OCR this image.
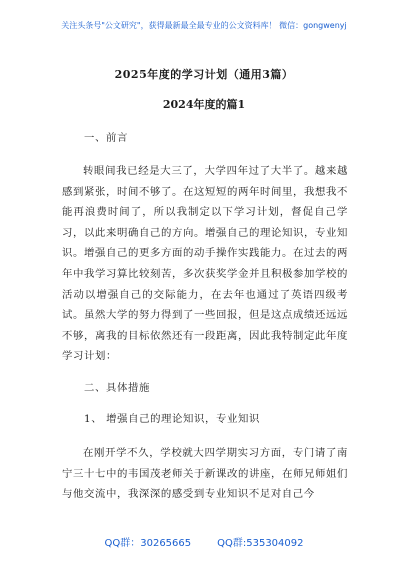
关注头条号"公文研究"，获得最新最全最专业的公文资料库！ 微信：gongwenyj
2025年度的学习计划（通用3篇）
2024年度的篇1
一、前言
转眼间我已经是大三了，大学四年过了大半了。越来越感到紧张，时间不够了。在这短短的两年时间里，我想我不能再浪费时间了，所以我制定以下学习计划，督促自己学习，以此来明确自己的方向。增强自己的理论知识，专业知识。增强自己的更多方面的动手操作实践能力。在过去的两年中我学习算比较刻苦，多次获奖学金并且积极参加学校的活动以增强自己的交际能力，在去年也通过了英语四级考试。虽然大学的努力得到了一些回报，但是这点成绩还远远不够，离我的目标依然还有一段距离，因此我特制定此年度学习计划：
二、具体措施
1、 增强自己的理论知识，专业知识
在刚开学不久，学校就大四学期实习方面，专门请了南宁三十七中的韦国茂老师关于新课改的讲座，在师兄师姐们与他交流中，我深深的感受到专业知识不足对自己今
QQ群：30265665	QQ群:535304092
